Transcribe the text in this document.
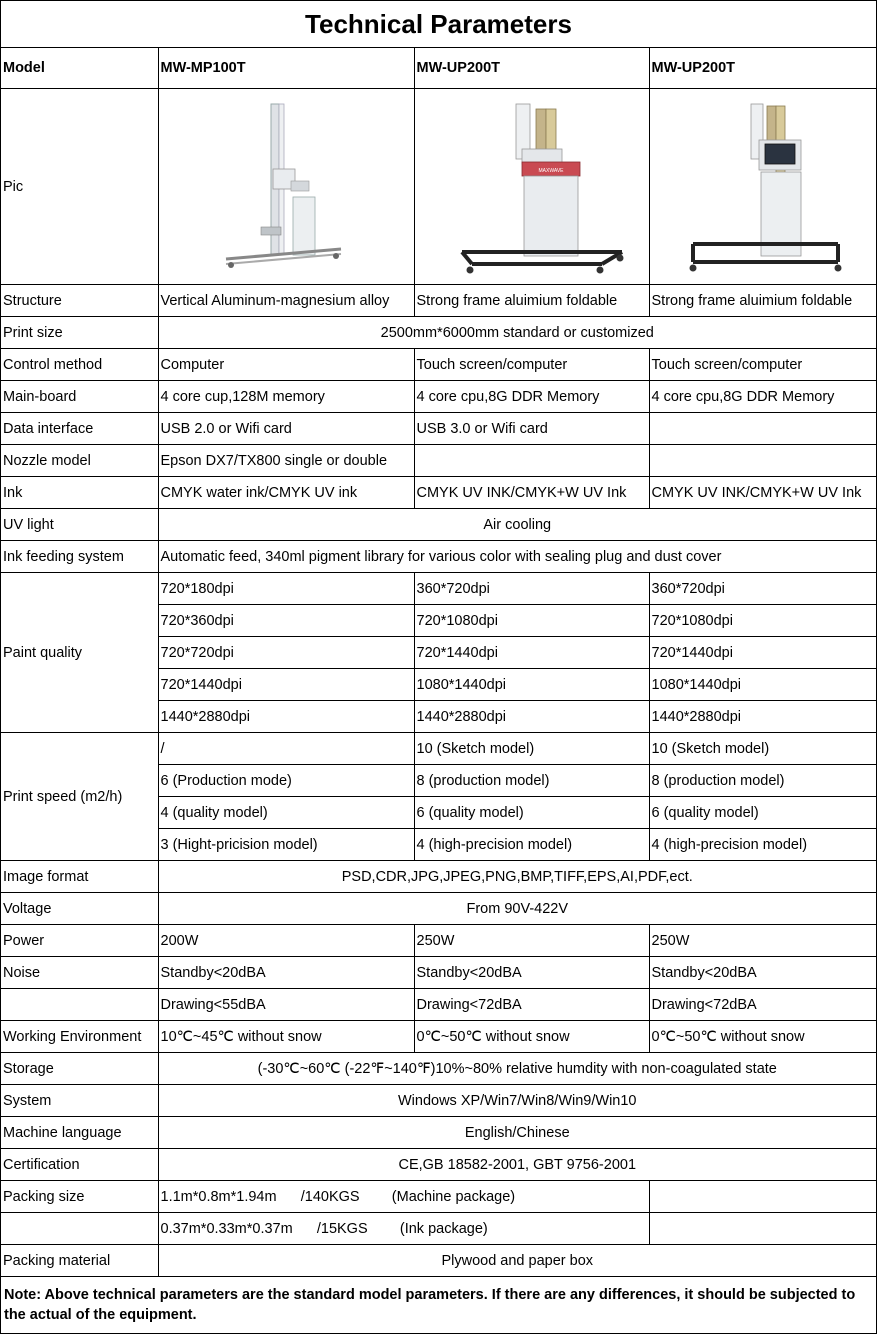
Technical Parameters
Model	MW-MP100T	MW-UP200T	MW-UP200T
Pic		MAXWAVE

Structure	Vertical Aluminum-magnesium alloy	Strong frame aluimium foldable	Strong frame aluimium foldable
Print size	2500mm*6000mm standard or customized		
Control method	Computer	Touch screen/computer	Touch screen/computer
Main-board	4 core cup,128M memory	4 core cpu,8G DDR Memory	4 core cpu,8G DDR Memory
Data interface	USB 2.0 or Wifi card	USB 3.0 or Wifi card	
Nozzle model	Epson DX7/TX800 single or double		
Ink	CMYK water ink/CMYK UV ink	CMYK UV INK/CMYK+W UV Ink	CMYK UV INK/CMYK+W UV Ink
UV light	Air cooling		
Ink feeding system	Automatic feed, 340ml pigment library for various color with sealing plug and dust cover		
Paint quality	720*180dpi	360*720dpi	360*720dpi
	720*360dpi	720*1080dpi	720*1080dpi
	720*720dpi	720*1440dpi	720*1440dpi
	720*1440dpi	1080*1440dpi	1080*1440dpi
	1440*2880dpi	1440*2880dpi	1440*2880dpi
Print speed (m2/h)	/	10 (Sketch model)	10 (Sketch model)
	6 (Production mode)	8 (production model)	8 (production model)
	4 (quality model)	6 (quality model)	6 (quality model)
	3 (Hight-pricision model)	4 (high-precision model)	4 (high-precision model)
Image format	PSD,CDR,JPG,JPEG,PNG,BMP,TIFF,EPS,AI,PDF,ect.		
Voltage	From 90V-422V		
Power	200W	250W	250W
Noise	Standby<20dBA	Standby<20dBA	Standby<20dBA
	Drawing<55dBA	Drawing<72dBA	Drawing<72dBA
Working Environment	10℃~45℃ without snow	0℃~50℃ without snow	0℃~50℃ without snow
Storage	(-30℃~60℃ (-22℉~140℉)10%~80% relative humdity with non-coagulated state		
System	Windows XP/Win7/Win8/Win9/Win10		
Machine language	English/Chinese		
Certification	CE,GB 18582-2001, GBT 9756-2001		
Packing size	1.1m*0.8m*1.94m      /140KGS        (Machine package)		
	0.37m*0.33m*0.37m      /15KGS        (Ink package)		
Packing material	Plywood and paper box		
Note: Above technical parameters are the standard model parameters. If there are any differences, it should be subjected to the actual of the equipment.
